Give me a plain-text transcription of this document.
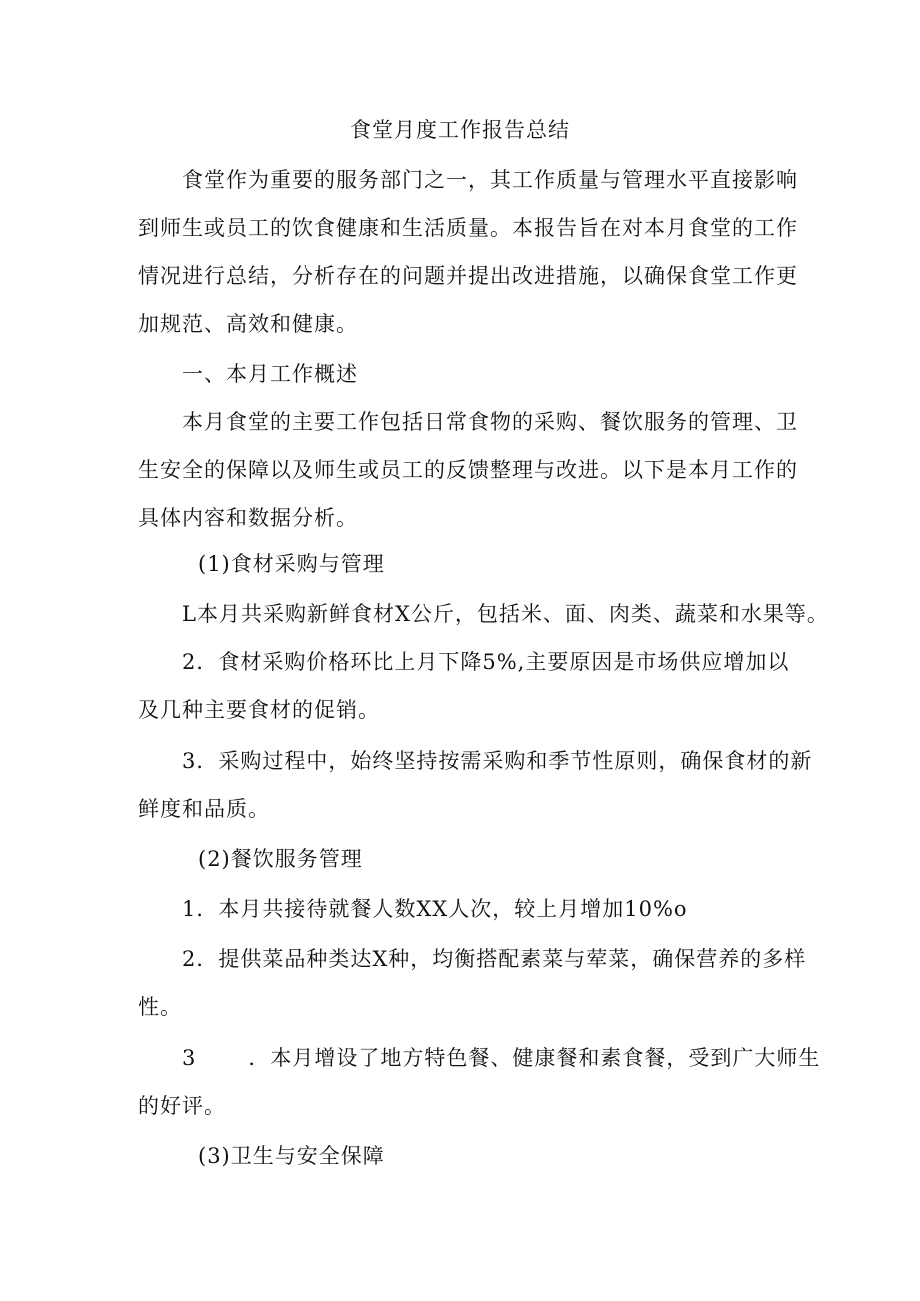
食堂月度工作报告总结
食堂作为重要的服务部门之一，其工作质量与管理水平直接影响
到师生或员工的饮食健康和生活质量。本报告旨在对本月食堂的工作
情况进行总结，分析存在的问题并提出改进措施，以确保食堂工作更
加规范、高效和健康。
一、本月工作概述
本月食堂的主要工作包括日常食物的采购、餐饮服务的管理、卫
生安全的保障以及师生或员工的反馈整理与改进。以下是本月工作的
具体内容和数据分析。
(1)食材采购与管理
L本月共采购新鲜食材X公斤，包括米、面、肉类、蔬菜和水果等。
2．食材采购价格环比上月下降5%,主要原因是市场供应增加以
及几种主要食材的促销。
3．采购过程中，始终坚持按需采购和季节性原则，确保食材的新
鲜度和品质。
(2)餐饮服务管理
1．本月共接待就餐人数XX人次，较上月增加10%o
2．提供菜品种类达X种，均衡搭配素菜与荤菜，确保营养的多样
性。
3 ．本月增设了地方特色餐、健康餐和素食餐，受到广大师生
的好评。
(3)卫生与安全保障
